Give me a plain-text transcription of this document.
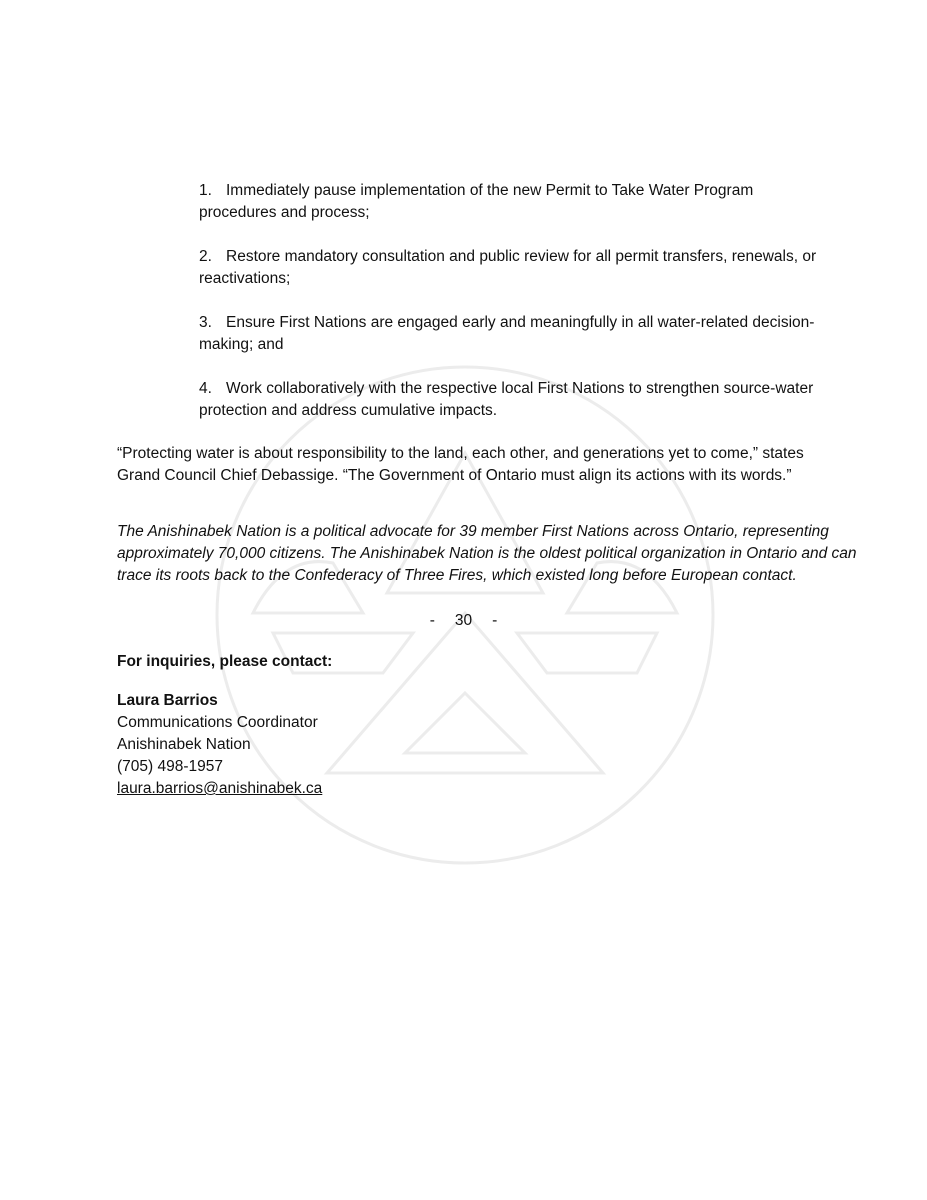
1. Immediately pause implementation of the new Permit to Take Water Program procedures and process;
2. Restore mandatory consultation and public review for all permit transfers, renewals, or reactivations;
3. Ensure First Nations are engaged early and meaningfully in all water-related decision-making; and
4. Work collaboratively with the respective local First Nations to strengthen source-water protection and address cumulative impacts.

“Protecting water is about responsibility to the land, each other, and generations yet to come,” states Grand Council Chief Debassige. “The Government of Ontario must align its actions with its words.”

The Anishinabek Nation is a political advocate for 39 member First Nations across Ontario, representing approximately 70,000 citizens. The Anishinabek Nation is the oldest political organization in Ontario and can trace its roots back to the Confederacy of Three Fires, which existed long before European contact.

- 30 -

For inquiries, please contact:

Laura Barrios
Communications Coordinator
Anishinabek Nation
(705) 498-1957
laura.barrios@anishinabek.ca
